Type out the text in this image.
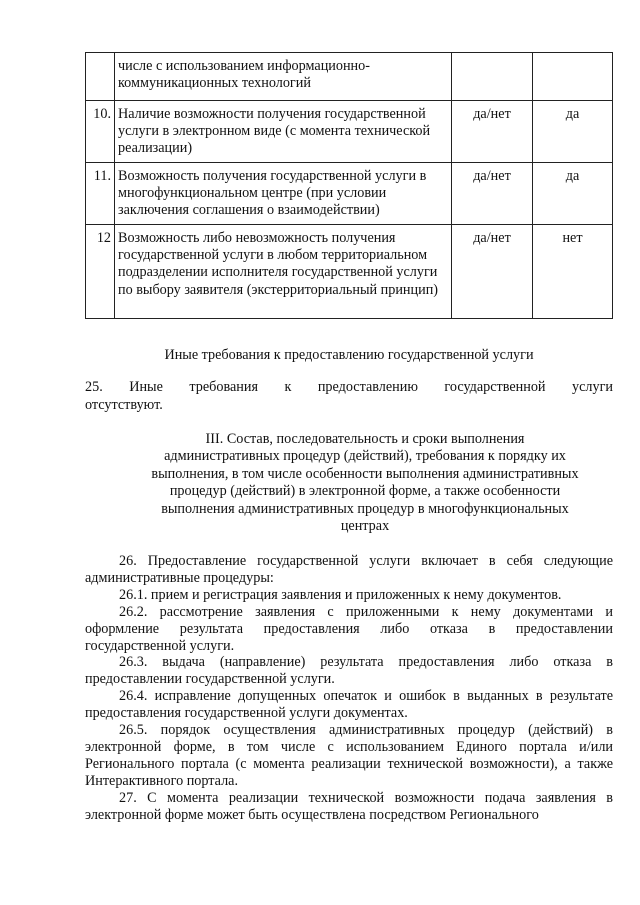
	числе с использованием информационно-коммуникационных технологий		
10.	Наличие возможности получения государственной услуги в электронном виде (с момента технической реализации)	да/нет	да
11.	Возможность получения государственной услуги в многофункциональном центре (при условии заключения соглашения о взаимодействии)	да/нет	да
12	Возможность либо невозможность получения государственной услуги в любом территориальном подразделении исполнителя государственной услуги по выбору заявителя (экстерриториальный принцип)	да/нет	нет
Иные требования к предоставлению государственной услуги
25. Иные требования к предоставлению государственной услуги
отсутствуют.
III. Состав, последовательность и сроки выполнения административных процедур (действий), требования к порядку их выполнения, в том числе особенности выполнения административных процедур (действий) в электронной форме, а также особенности выполнения административных процедур в многофункциональных центрах

26. Предоставление государственной услуги включает в себя следующие административные процедуры:

26.1. прием и регистрация заявления и приложенных к нему документов.

26.2. рассмотрение заявления с приложенными к нему документами и оформление результата предоставления либо отказа в предоставлении государственной услуги.

26.3. выдача (направление) результата предоставления либо отказа в предоставлении государственной услуги.

26.4. исправление допущенных опечаток и ошибок в выданных в результате предоставления государственной услуги документах.

26.5. порядок осуществления административных процедур (действий) в электронной форме, в том числе с использованием Единого портала и/или Регионального портала (с момента реализации технической возможности), а также Интерактивного портала.

27. С момента реализации технической возможности подача заявления в электронной форме может быть осуществлена посредством Регионального
